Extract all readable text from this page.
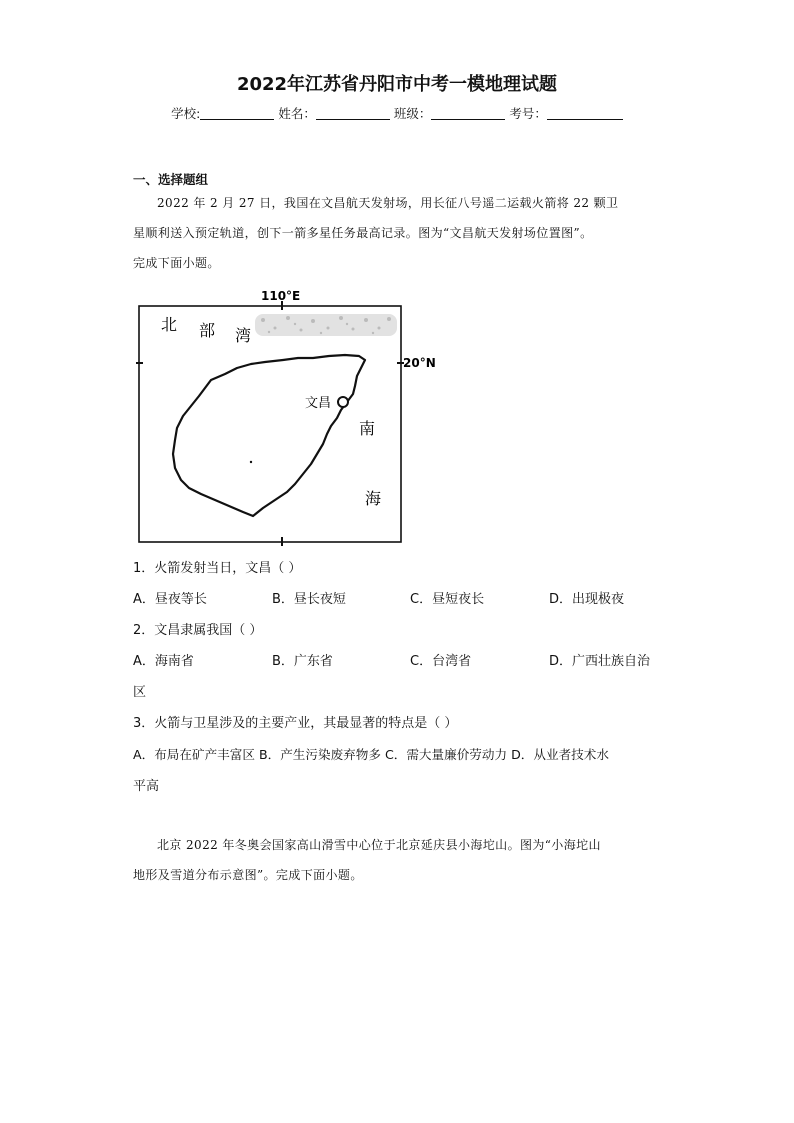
2022年江苏省丹阳市中考一模地理试题
学校:	姓名：	班级：	考号：
一、选择题组
2022 年 2 月 27 日，我国在文昌航天发射场，用长征八号遥二运载火箭将 22 颗卫
星顺利送入预定轨道，创下一箭多星任务最高记录。图为“文昌航天发射场位置图”。
完成下面小题。
110°E
20°N
北 部 湾
文昌
南
海
1．火箭发射当日，文昌（ ）
A．昼夜等长	B．昼长夜短	C．昼短夜长	D．出现极夜
2．文昌隶属我国（ ）
A．海南省	B．广东省	C．台湾省	D．广西壮族自治
区
3．火箭与卫星涉及的主要产业，其最显著的特点是（ ）
A．布局在矿产丰富区 B．产生污染废弃物多 C．需大量廉价劳动力 D．从业者技术水
平高
北京 2022 年冬奥会国家高山滑雪中心位于北京延庆县小海坨山。图为“小海坨山
地形及雪道分布示意图”。完成下面小题。
